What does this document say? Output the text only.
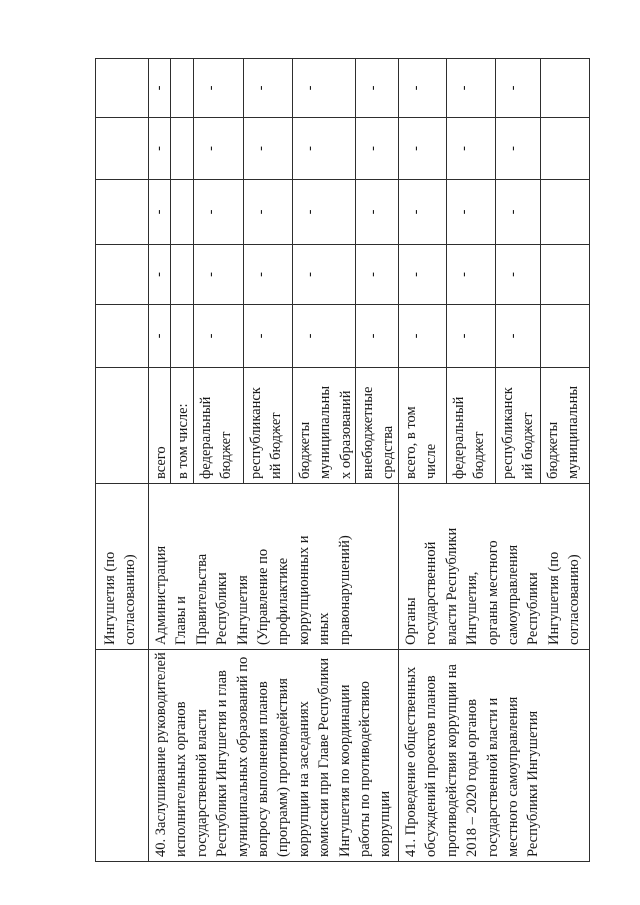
Ингушетия (по
согласованию)
40. Заслушивание руководителей
исполнительных органов
государственной власти
Республики Ингушетия и глав
муниципальных образований по
вопросу выполнения планов
(программ) противодействия
коррупции на заседаниях
комиссии при Главе Республики
Ингушетия по координации
работы по противодействию
коррупции
Администрация
Главы и
Правительства
Республики
Ингушетия
(Управление по
профилактике
коррупционных и
иных
правонарушений)
всего
-
-
-
-
-
в том числе: федеральный
бюджет
-
-
-
-
-
республиканск
ий бюджет
-
-
-
-
-
бюджеты
муниципальны
х образований
-
-
-
-
-
внебюджетные
средства
-
-
-
-
-
41. Проведение общественных
обсуждений проектов планов
противодействия коррупции на
2018 – 2020 годы органов
государственной власти и
местного самоуправления
Республики Ингушетия
Органы
государственной
власти Республики
Ингушетия,
органы местного
самоуправления
Республики
Ингушетия (по
согласованию)
всего, в том
числе
-
-
-
-
-
федеральный
бюджет
-
-
-
-
-
республиканск
ий бюджет
-
-
-
-
-
бюджеты
муниципальны
